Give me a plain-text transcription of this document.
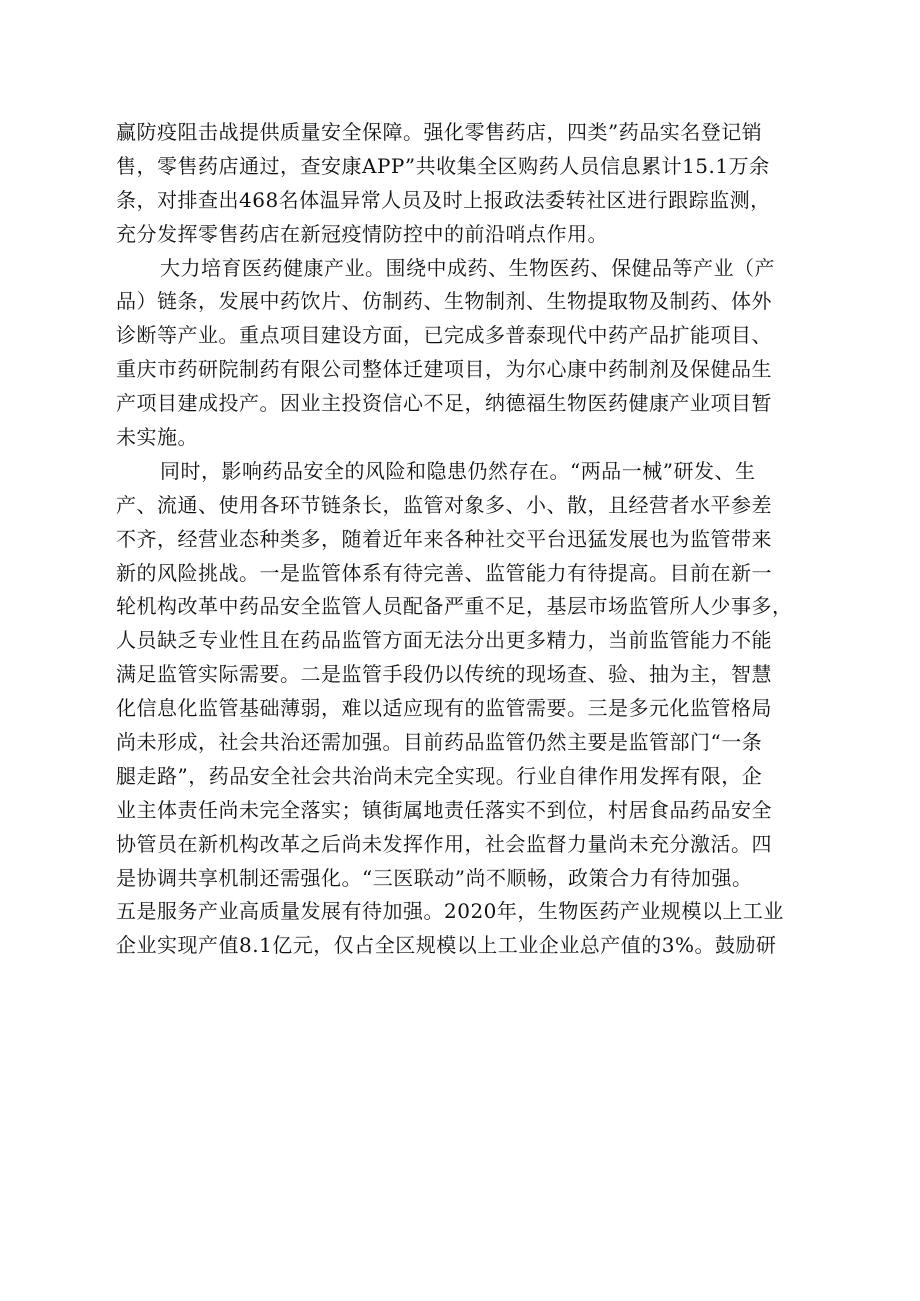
赢防疫阻击战提供质量安全保障。强化零售药店，四类”药品实名登记销
售，零售药店通过，查安康APP”共收集全区购药人员信息累计15.1万余
条，对排查出468名体温异常人员及时上报政法委转社区进行跟踪监测，
充分发挥零售药店在新冠疫情防控中的前沿哨点作用。

大力培育医药健康产业。围绕中成药、生物医药、保健品等产业（产
品）链条，发展中药饮片、仿制药、生物制剂、生物提取物及制药、体外
诊断等产业。重点项目建设方面，已完成多普泰现代中药产品扩能项目、
重庆市药研院制药有限公司整体迁建项目，为尔心康中药制剂及保健品生
产项目建成投产。因业主投资信心不足，纳德福生物医药健康产业项目暂
未实施。

同时，影响药品安全的风险和隐患仍然存在。“两品一械”研发、生
产、流通、使用各环节链条长，监管对象多、小、散，且经营者水平参差
不齐，经营业态种类多，随着近年来各种社交平台迅猛发展也为监管带来
新的风险挑战。一是监管体系有待完善、监管能力有待提高。目前在新一
轮机构改革中药品安全监管人员配备严重不足，基层市场监管所人少事多，
人员缺乏专业性且在药品监管方面无法分出更多精力，当前监管能力不能
满足监管实际需要。二是监管手段仍以传统的现场查、验、抽为主，智慧
化信息化监管基础薄弱，难以适应现有的监管需要。三是多元化监管格局
尚未形成，社会共治还需加强。目前药品监管仍然主要是监管部门“一条
腿走路”，药品安全社会共治尚未完全实现。行业自律作用发挥有限，企
业主体责任尚未完全落实；镇街属地责任落实不到位，村居食品药品安全
协管员在新机构改革之后尚未发挥作用，社会监督力量尚未充分激活。四
是协调共享机制还需强化。“三医联动”尚不顺畅，政策合力有待加强。
五是服务产业高质量发展有待加强。2020年，生物医药产业规模以上工业
企业实现产值8.1亿元，仅占全区规模以上工业企业总产值的3%。鼓励研
